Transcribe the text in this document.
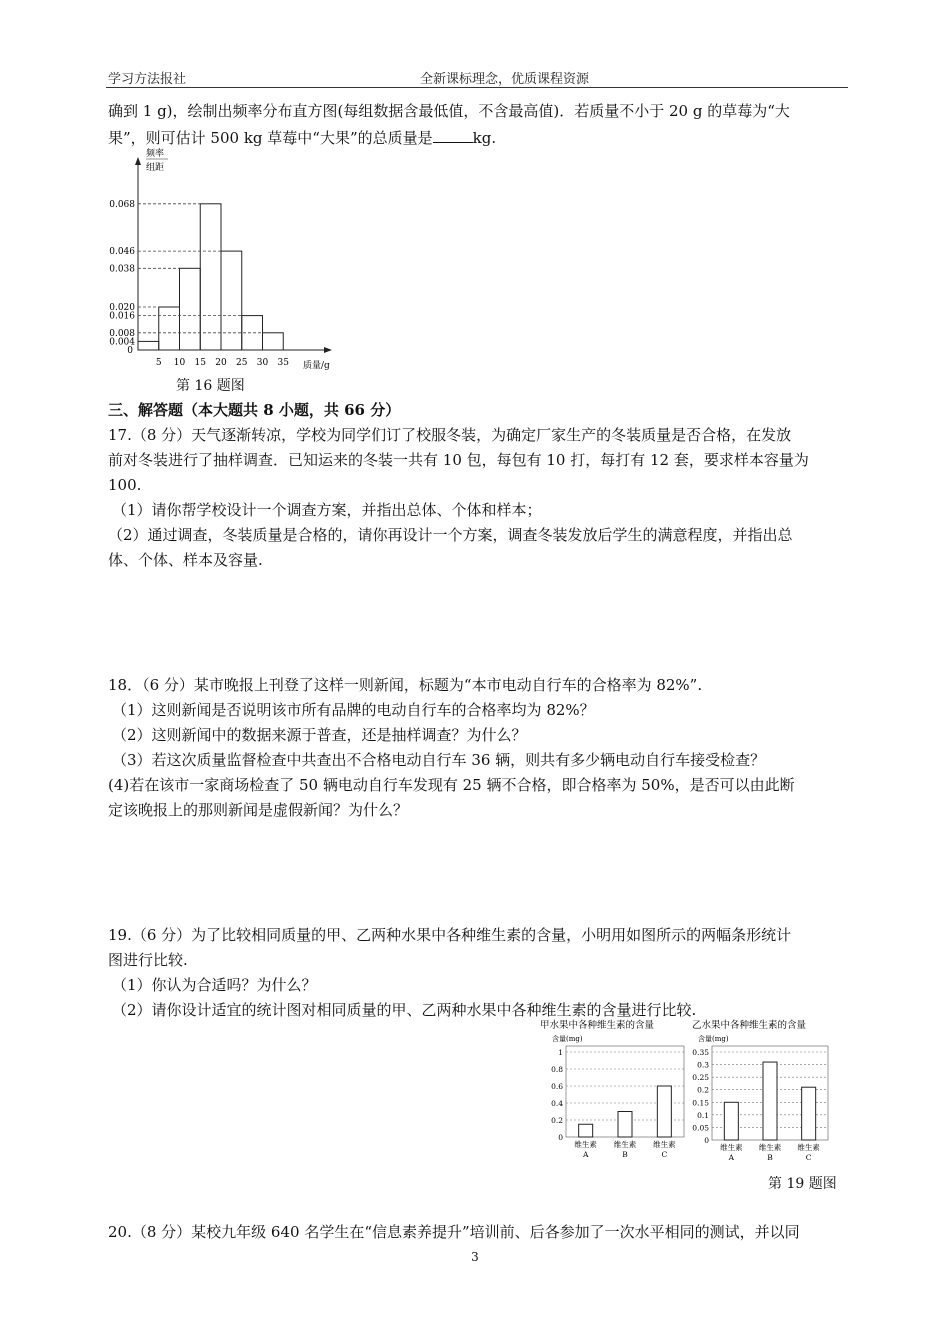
学习方法报社	全新课标理念，优质课程资源
确到 1 g)，绘制出频率分布直方图(每组数据含最低值，不含最高值)．若质量不小于 20 g 的草莓为“大
果”，则可估计 500 kg 草莓中“大果”的总质量是	kg.
频率
组距
质量/g
0
0.068
0.046
0.038
0.020
0.016
0.008
0.004
5 10 15 20 25 30 35
第 16 题图
三、解答题（本大题共 8 小题，共 66 分）
17.（8 分）天气逐渐转凉，学校为同学们订了校服冬装，为确定厂家生产的冬装质量是否合格，在发放
前对冬装进行了抽样调查．已知运来的冬装一共有 10 包，每包有 10 打，每打有 12 套，要求样本容量为
100.
（1）请你帮学校设计一个调查方案，并指出总体、个体和样本；
（2）通过调查，冬装质量是合格的，请你再设计一个方案，调查冬装发放后学生的满意程度，并指出总
体、个体、样本及容量.
18．（6 分）某市晚报上刊登了这样一则新闻，标题为“本市电动自行车的合格率为 82%”.
（1）这则新闻是否说明该市所有品牌的电动自行车的合格率均为 82%？
（2）这则新闻中的数据来源于普查，还是抽样调查？为什么？
（3）若这次质量监督检查中共查出不合格电动自行车 36 辆，则共有多少辆电动自行车接受检查？
(4)若在该市一家商场检查了 50 辆电动自行车发现有 25 辆不合格，即合格率为 50%，是否可以由此断
定该晚报上的那则新闻是虚假新闻？为什么？
19.（6 分）为了比较相同质量的甲、乙两种水果中各种维生素的含量，小明用如图所示的两幅条形统计
图进行比较.
（1）你认为合适吗？为什么？
（2）请你设计适宜的统计图对相同质量的甲、乙两种水果中各种维生素的含量进行比较.
甲水果中各种维生素的含量
含量(mg)
1
0.8
0.6
0.4
0.2
0
维生素
A
维生素
B
维生素
C
乙水果中各种维生素的含量
含量(mg)
0.35
0.3
0.25
0.2
0.15
0.1
0.05
0
维生素
A
维生素
B
维生素
C
第 19 题图
20.（8 分）某校九年级 640 名学生在“信息素养提升”培训前、后各参加了一次水平相同的测试，并以同
3
